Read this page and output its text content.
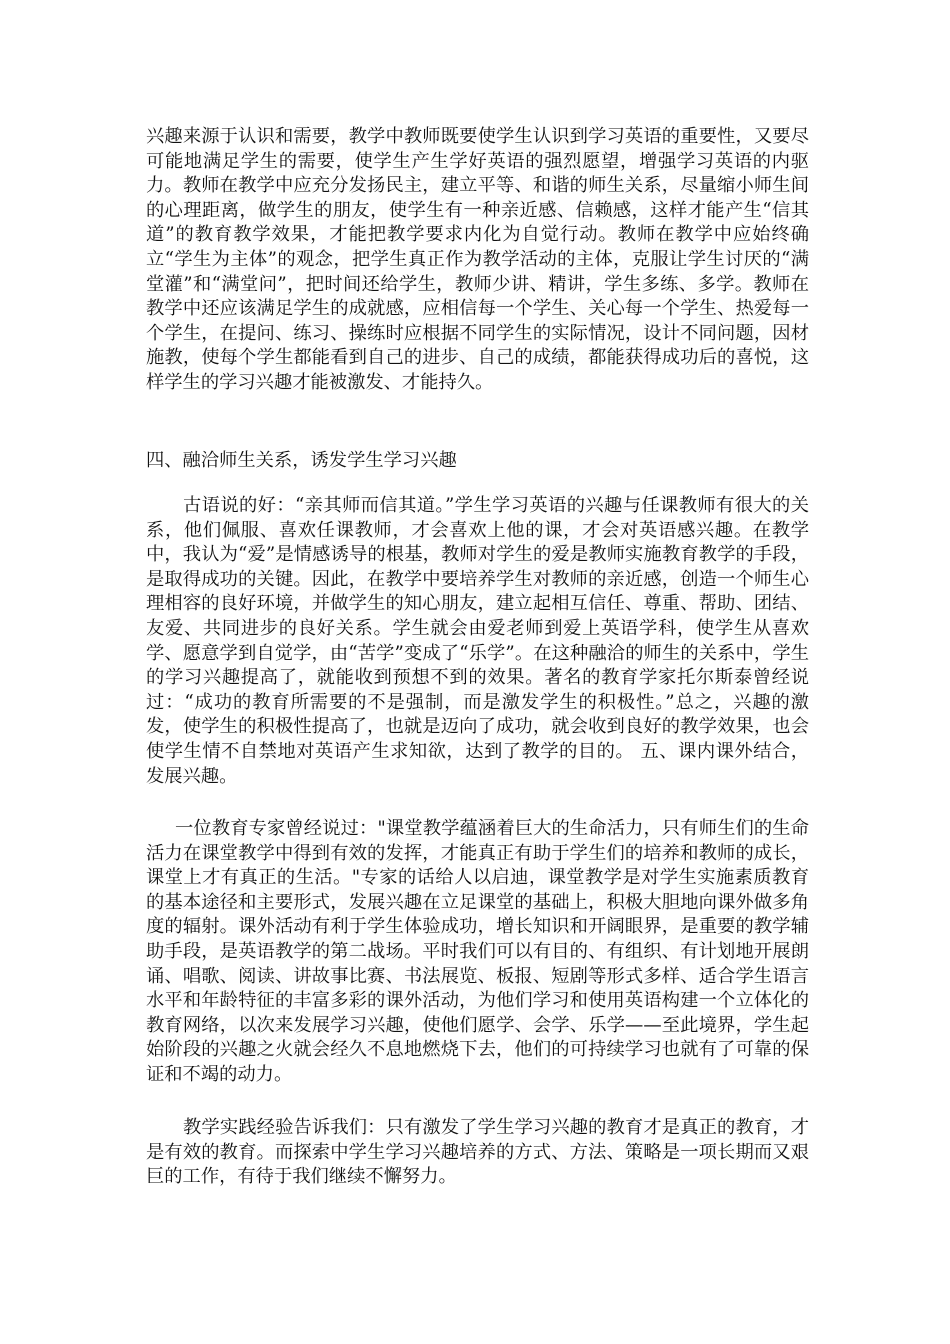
兴趣来源于认识和需要，教学中教师既要使学生认识到学习英语的重要性，又要尽可能地满足学生的需要，使学生产生学好英语的强烈愿望，增强学习英语的内驱力。教师在教学中应充分发扬民主，建立平等、和谐的师生关系，尽量缩小师生间的心理距离，做学生的朋友，使学生有一种亲近感、信赖感，这样才能产生“信其道”的教育教学效果，才能把教学要求内化为自觉行动。教师在教学中应始终确立“学生为主体”的观念，把学生真正作为教学活动的主体，克服让学生讨厌的“满堂灌”和“满堂问”，把时间还给学生，教师少讲、精讲，学生多练、多学。教师在教学中还应该满足学生的成就感，应相信每一个学生、关心每一个学生、热爱每一个学生，在提问、练习、操练时应根据不同学生的实际情况，设计不同问题，因材施教，使每个学生都能看到自己的进步、自己的成绩，都能获得成功后的喜悦，这样学生的学习兴趣才能被激发、才能持久。

四、融洽师生关系，诱发学生学习兴趣

古语说的好：“亲其师而信其道。”学生学习英语的兴趣与任课教师有很大的关系，他们佩服、喜欢任课教师，才会喜欢上他的课，才会对英语感兴趣。在教学中，我认为“爱”是情感诱导的根基，教师对学生的爱是教师实施教育教学的手段，是取得成功的关键。因此，在教学中要培养学生对教师的亲近感，创造一个师生心理相容的良好环境，并做学生的知心朋友，建立起相互信任、尊重、帮助、团结、友爱、共同进步的良好关系。学生就会由爱老师到爱上英语学科，使学生从喜欢学、愿意学到自觉学，由“苦学”变成了“乐学”。在这种融洽的师生的关系中，学生的学习兴趣提高了，就能收到预想不到的效果。著名的教育学家托尔斯泰曾经说过：“成功的教育所需要的不是强制，而是激发学生的积极性。”总之，兴趣的激发，使学生的积极性提高了，也就是迈向了成功，就会收到良好的教学效果，也会使学生情不自禁地对英语产生求知欲，达到了教学的目的。 五、课内课外结合，发展兴趣。

一位教育专家曾经说过："课堂教学蕴涵着巨大的生命活力，只有师生们的生命活力在课堂教学中得到有效的发挥，才能真正有助于学生们的培养和教师的成长，课堂上才有真正的生活。"专家的话给人以启迪，课堂教学是对学生实施素质教育的基本途径和主要形式，发展兴趣在立足课堂的基础上，积极大胆地向课外做多角度的辐射。课外活动有利于学生体验成功，增长知识和开阔眼界，是重要的教学辅助手段，是英语教学的第二战场。平时我们可以有目的、有组织、有计划地开展朗诵、唱歌、阅读、讲故事比赛、书法展览、板报、短剧等形式多样、适合学生语言水平和年龄特征的丰富多彩的课外活动，为他们学习和使用英语构建一个立体化的教育网络，以次来发展学习兴趣，使他们愿学、会学、乐学——至此境界，学生起始阶段的兴趣之火就会经久不息地燃烧下去，他们的可持续学习也就有了可靠的保证和不竭的动力。

教学实践经验告诉我们：只有激发了学生学习兴趣的教育才是真正的教育，才是有效的教育。而探索中学生学习兴趣培养的方式、方法、策略是一项长期而又艰巨的工作，有待于我们继续不懈努力。
